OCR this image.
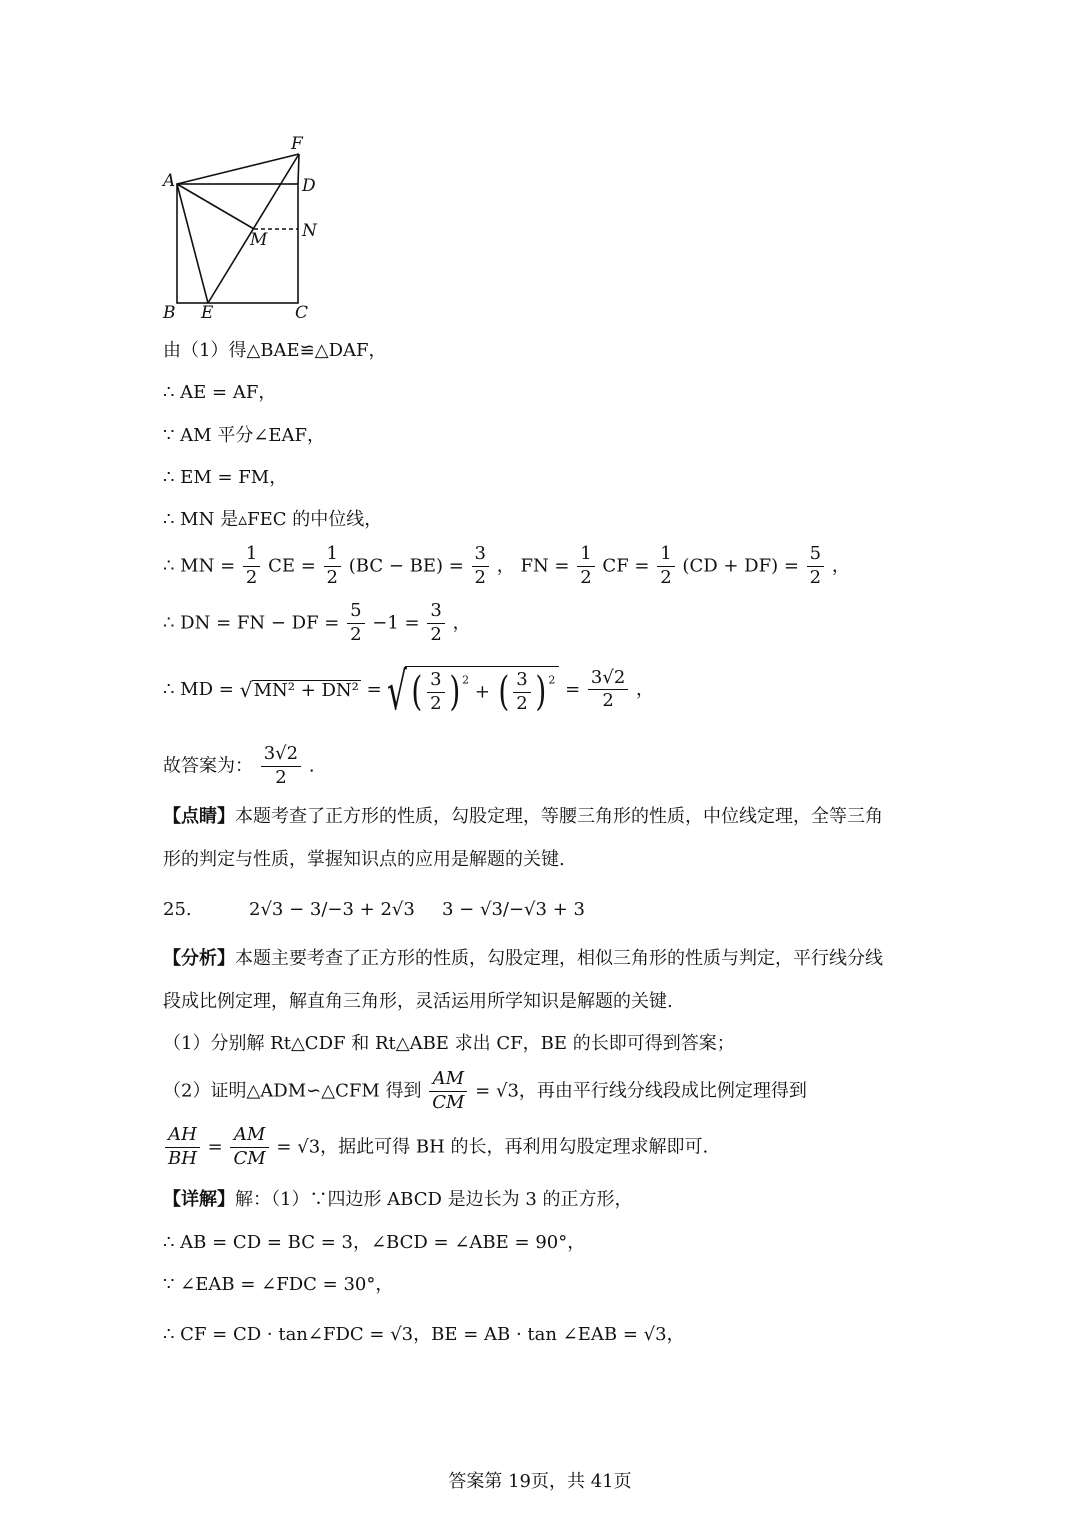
F
A	D
M N
B E	C
由（1）得△BAE≌△DAF，
∴ AE = AF，
∵ AM 平分∠EAF，
∴ EM = FM，
∴ MN 是▵FEC 的中位线，
∴ MN = $\frac{1}{2}$ CE = $\frac{1}{2} (BC - BE) = \frac{3}{2}$ ， FN = $\frac{1}{2}$ CF = $\frac{1}{2} (CD + DF) = \frac{5}{2}$ ，
∴ DN = FN − DF = $\frac{5}{2} -1 = \frac{3}{2}$ ，
∴ MD = √ MN² + DN² = √ ( $\frac{3}{2}$ ) $^2$ + ( $\frac{3}{2}$ ) $^2 = \frac{3√2}{2}$ ，
故答案为： $\frac{3√2}{2}$ .
【点睛】本题考查了正方形的性质，勾股定理，等腰三角形的性质，中位线定理，全等三角
形的判定与性质，掌握知识点的应用是解题的关键.
25.	2√3 − 3/−3 + 2√3 3 − √3/−√3 + 3
【分析】本题主要考查了正方形的性质，勾股定理，相似三角形的性质与判定，平行线分线
段成比例定理，解直角三角形，灵活运用所学知识是解题的关键.
（1）分别解 Rt△CDF 和 Rt△ABE 求出 CF，BE 的长即可得到答案；
（2）证明△ADM∽△CFM 得到 $\frac{AM}{CM} = √3$，再由平行线分线段成比例定理得到
$\frac{AH}{BH} = \frac{AM}{CM} = √3$，据此可得 BH 的长，再利用勾股定理求解即可.
【详解】解：（1）∵四边形 ABCD 是边长为 3 的正方形，
∴ AB = CD = BC = 3，∠BCD = ∠ABE = 90°，
∵ ∠EAB = ∠FDC = 30°，
∴ CF = CD · tan∠FDC = √3，BE = AB · tan ∠EAB = √3，
答案第 19页，共 41页
